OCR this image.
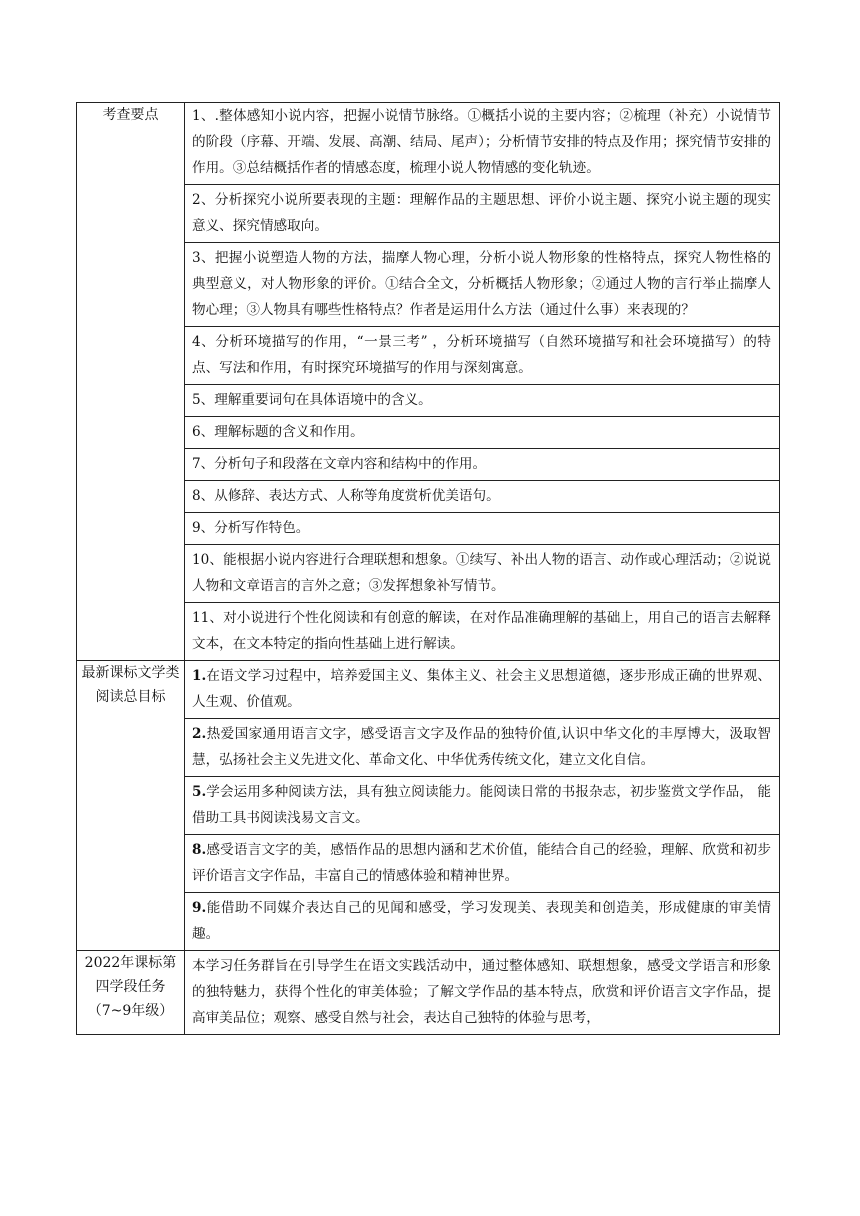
考查要点	1、.整体感知小说内容，把握小说情节脉络。①概括小说的主要内容；②梳理（补充）小说情节的阶段（序幕、开端、发展、高潮、结局、尾声）；分析情节安排的特点及作用；探究情节安排的作用。③总结概括作者的情感态度，梳理小说人物情感的变化轨迹。

	2、分析探究小说所要表现的主题：理解作品的主题思想、评价小说主题、探究小说主题的现实意义、探究情感取向。

	3、把握小说塑造人物的方法，揣摩人物心理，分析小说人物形象的性格特点，探究人物性格的典型意义，对人物形象的评价。①结合全文，分析概括人物形象；②通过人物的言行举止揣摩人物心理；③人物具有哪些性格特点？作者是运用什么方法（通过什么事）来表现的？

	4、分析环境描写的作用，“一景三考” ，分析环境描写（自然环境描写和社会环境描写）的特点、写法和作用，有时探究环境描写的作用与深刻寓意。

	5、理解重要词句在具体语境中的含义。

	6、理解标题的含义和作用。

	7、分析句子和段落在文章内容和结构中的作用。

	8、从修辞、表达方式、人称等角度赏析优美语句。

	9、分析写作特色。

	10、能根据小说内容进行合理联想和想象。①续写、补出人物的语言、动作或心理活动；②说说人物和文章语言的言外之意；③发挥想象补写情节。

	11、对小说进行个性化阅读和有创意的解读，在对作品准确理解的基础上，用自己的语言去解释文本，在文本特定的指向性基础上进行解读。

最新课标文学类阅读总目标	1.在语文学习过程中，培养爱国主义、集体主义、社会主义思想道德，逐步形成正确的世界观、人生观、价值观。

	2.热爱国家通用语言文字，感受语言文字及作品的独特价值,认识中华文化的丰厚博大，汲取智慧，弘扬社会主义先进文化、革命文化、中华优秀传统文化，建立文化自信。

	5.学会运用多种阅读方法，具有独立阅读能力。能阅读日常的书报杂志，初步鉴赏文学作品， 能借助工具书阅读浅易文言文。

	8.感受语言文字的美，感悟作品的思想内涵和艺术价值，能结合自己的经验，理解、欣赏和初步评价语言文字作品，丰富自己的情感体验和精神世界。

	9.能借助不同媒介表达自己的见闻和感受，学习发现美、表现美和创造美，形成健康的审美情趣。

2022年课标第四学段任务（7~9年级）	本学习任务群旨在引导学生在语文实践活动中，通过整体感知、联想想象，感受文学语言和形象的独特魅力，获得个性化的审美体验；了解文学作品的基本特点，欣赏和评价语言文字作品，提高审美品位；观察、感受自然与社会，表达自己独特的体验与思考，
